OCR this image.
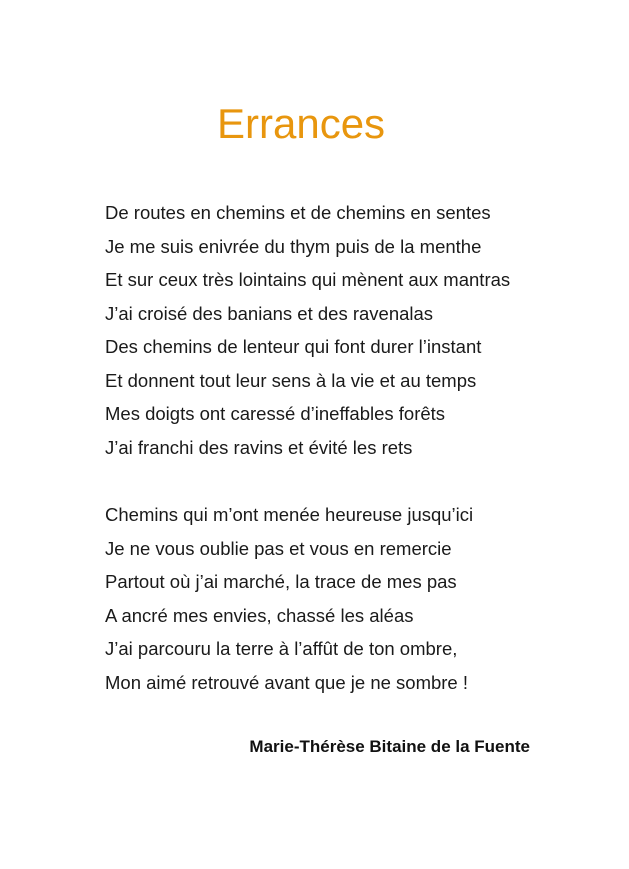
Errances
De routes en chemins et de chemins en sentes
Je me suis enivrée du thym puis de la menthe
Et sur ceux très lointains qui mènent aux mantras
J’ai croisé des banians et des ravenalas
Des chemins de lenteur qui font durer l’instant
Et donnent tout leur sens à la vie et au temps
Mes doigts ont caressé d’ineffables forêts
J’ai franchi des ravins et évité les rets
Chemins qui m’ont menée heureuse jusqu’ici
Je ne vous oublie pas et vous en remercie
Partout où j’ai marché, la trace de mes pas
A ancré mes envies, chassé les aléas
J’ai parcouru la terre à l’affût de ton ombre,
Mon aimé retrouvé avant que je ne sombre !

Marie-Thérèse Bitaine de la Fuente
